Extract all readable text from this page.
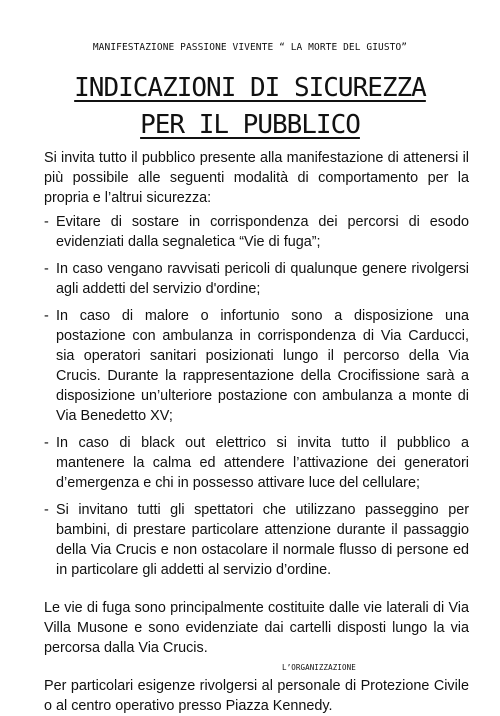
MANIFESTAZIONE PASSIONE VIVENTE “ LA MORTE DEL GIUSTO”
INDICAZIONI DI SICUREZZA
PER IL PUBBLICO

Si invita tutto il pubblico presente alla manifestazione di attenersi il più possibile alle seguenti modalità di comportamento per la propria e l’altrui sicurezza:

- Evitare di sostare in corrispondenza dei percorsi di esodo evidenziati dalla segnaletica “Vie di fuga”;
- In caso vengano ravvisati pericoli di qualunque genere rivolgersi agli addetti del servizio d'ordine;
- In caso di malore o infortunio sono a disposizione una postazione con ambulanza in corrispondenza di Via Carducci, sia operatori sanitari posizionati lungo il percorso della Via Crucis. Durante la rappresentazione della Crocifissione sarà a disposizione un’ulteriore postazione con ambulanza a monte di Via Benedetto XV;
- In caso di black out elettrico si invita tutto il pubblico a mantenere la calma ed attendere l’attivazione dei generatori d’emergenza e chi in possesso attivare luce del cellulare;
- Si invitano tutti gli spettatori che utilizzano passeggino per bambini, di prestare particolare attenzione durante il passaggio della Via Crucis e non ostacolare il normale flusso di persone ed in particolare gli addetti al servizio d’ordine.

Le vie di fuga sono principalmente costituite dalle vie laterali di Via Villa Musone e sono evidenziate dai cartelli disposti lungo la via percorsa dalla Via Crucis.

Per particolari esigenze rivolgersi al personale di Protezione Civile o al centro operativo presso Piazza Kennedy.

L’ORGANIZZAZIONE
